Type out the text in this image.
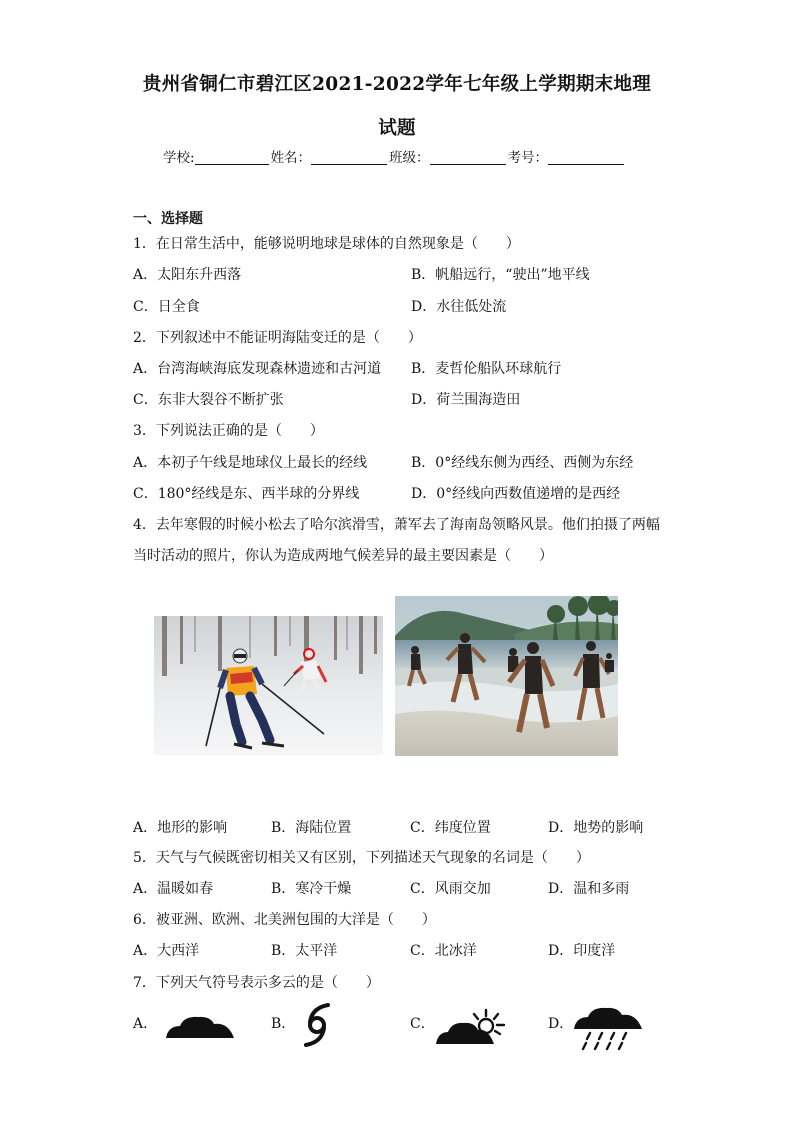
贵州省铜仁市碧江区2021-2022学年七年级上学期期末地理
试题
学校:	姓名：	班级：	考号：
一、选择题
1．在日常生活中，能够说明地球是球体的自然现象是（　　）
A．太阳东升西落	B．帆船远行，“驶出”地平线
C．日全食	D．水往低处流
2．下列叙述中不能证明海陆变迁的是（　　）
A．台湾海峡海底发现森林遗迹和古河道 B．麦哲伦船队环球航行
C．东非大裂谷不断扩张	D．荷兰围海造田
3．下列说法正确的是（　　）
A．本初子午线是地球仪上最长的经线	B．0°经线东侧为西经、西侧为东经
C．180°经线是东、西半球的分界线	D．0°经线向西数值递增的是西经
4．去年寒假的时候小松去了哈尔滨滑雪，萧军去了海南岛领略风景。他们拍摄了两幅
当时活动的照片，你认为造成两地气候差异的最主要因素是（　　）
A．地形的影响	B．海陆位置	C．纬度位置	D．地势的影响
5．天气与气候既密切相关又有区别，下列描述天气现象的名词是（　　）
A．温暖如春	B．寒冷干燥	C．风雨交加	D．温和多雨
6．被亚洲、欧洲、北美洲包围的大洋是（　　）
A．大西洋	B．太平洋	C．北冰洋	D．印度洋
7．下列天气符号表示多云的是（　　）
A．	B．	C．	D．
